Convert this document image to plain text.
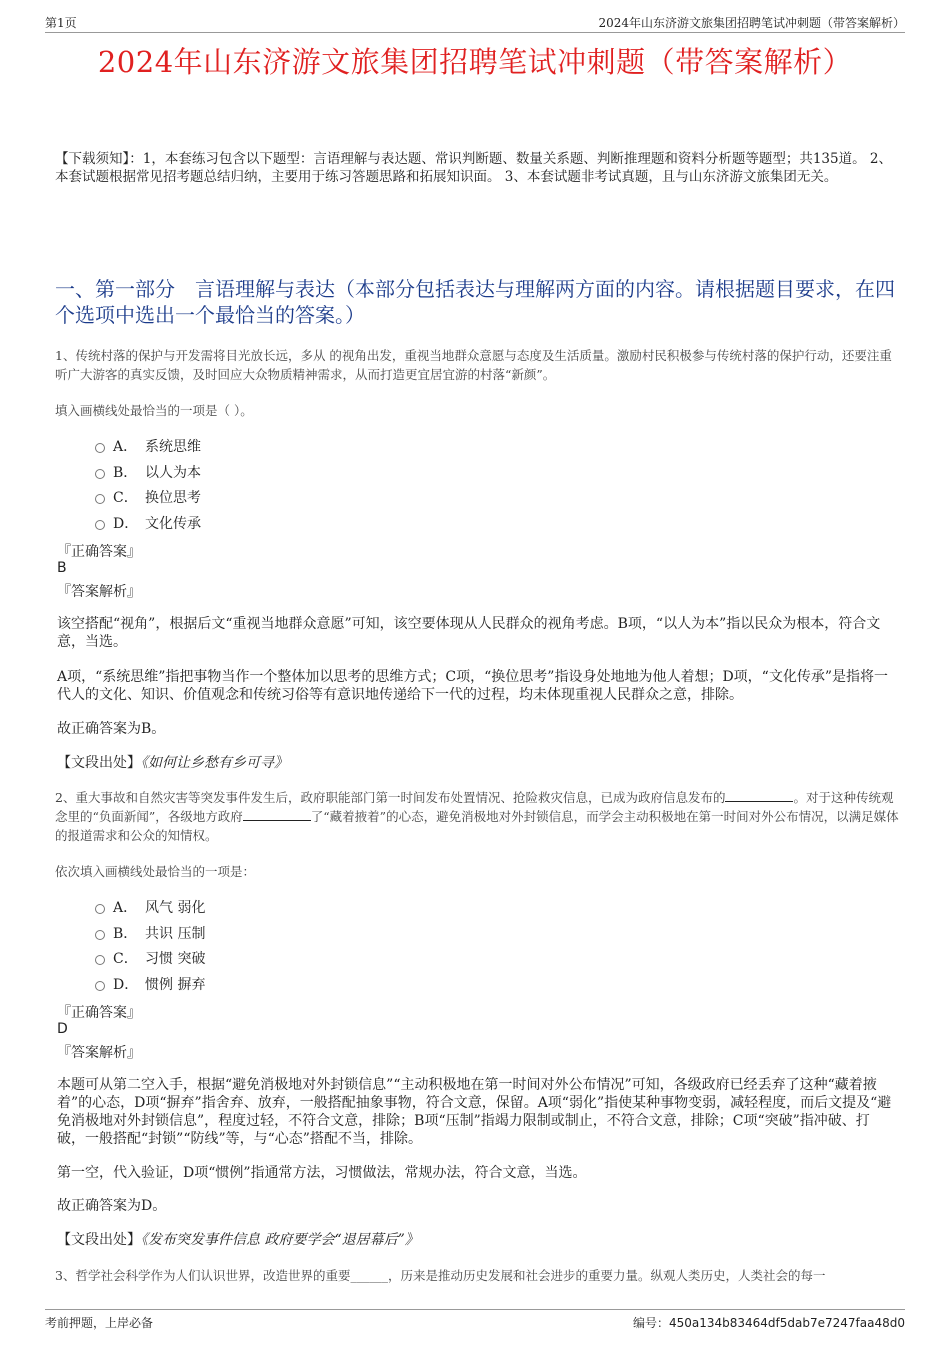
第1页	2024年山东济游文旅集团招聘笔试冲刺题（带答案解析）
2024年山东济游文旅集团招聘笔试冲刺题（带答案解析）
【下载须知】：1，本套练习包含以下题型：言语理解与表达题、常识判断题、数量关系题、判断推理题和资料分析题等题型；共135道。 2、本套试题根据常见招考题总结归纳，主要用于练习答题思路和拓展知识面。 3、本套试题非考试真题，且与山东济游文旅集团无关。
一、第一部分　言语理解与表达（本部分包括表达与理解两方面的内容。请根据题目要求，在四个选项中选出一个最恰当的答案。）
1、传统村落的保护与开发需将目光放长远，多从 的视角出发，重视当地群众意愿与态度及生活质量。激励村民积极参与传统村落的保护行动，还要注重听广大游客的真实反馈，及时回应大众物质精神需求，从而打造更宜居宜游的村落“新颜”。
填入画横线处最恰当的一项是（ ）。
A． 系统思维
B． 以人为本
C． 换位思考
D． 文化传承
『正确答案』
B
『答案解析』
该空搭配“视角”，根据后文“重视当地群众意愿”可知，该空要体现从人民群众的视角考虑。B项，“以人为本”指以民众为根本，符合文意，当选。
A项，“系统思维”指把事物当作一个整体加以思考的思维方式；C项，“换位思考”指设身处地地为他人着想；D项，“文化传承”是指将一代人的文化、知识、价值观念和传统习俗等有意识地传递给下一代的过程，均未体现重视人民群众之意，排除。
故正确答案为B。
【文段出处】《如何让乡愁有乡可寻》
2、重大事故和自然灾害等突发事件发生后，政府职能部门第一时间发布处置情况、抢险救灾信息，已成为政府信息发布的	。对于这种传统观念里的“负面新闻”，各级地方政府	了“藏着掖着”的心态，避免消极地对外封锁信息，而学会主动积极地在第一时间对外公布情况，以满足媒体的报道需求和公众的知情权。
依次填入画横线处最恰当的一项是：
A． 风气 弱化
B． 共识 压制
C． 习惯 突破
D． 惯例 摒弃
『正确答案』
D
『答案解析』
本题可从第二空入手，根据“避免消极地对外封锁信息”“主动积极地在第一时间对外公布情况”可知，各级政府已经丢弃了这种“藏着掖着”的心态，D项“摒弃”指舍弃、放弃，一般搭配抽象事物，符合文意，保留。A项“弱化”指使某种事物变弱，减轻程度，而后文提及“避免消极地对外封锁信息”，程度过轻，不符合文意，排除；B项“压制”指竭力限制或制止，不符合文意，排除；C项“突破”指冲破、打破，一般搭配“封锁”“防线”等，与“心态”搭配不当，排除。
第一空，代入验证，D项“惯例”指通常方法，习惯做法，常规办法，符合文意，当选。
故正确答案为D。
【文段出处】《发布突发事件信息 政府要学会“退居幕后”》
3、哲学社会科学作为人们认识世界，改造世界的重要______，历来是推动历史发展和社会进步的重要力量。纵观人类历史，人类社会的每一
考前押题，上岸必备	编号：450a134b83464df5dab7e7247faa48d0
